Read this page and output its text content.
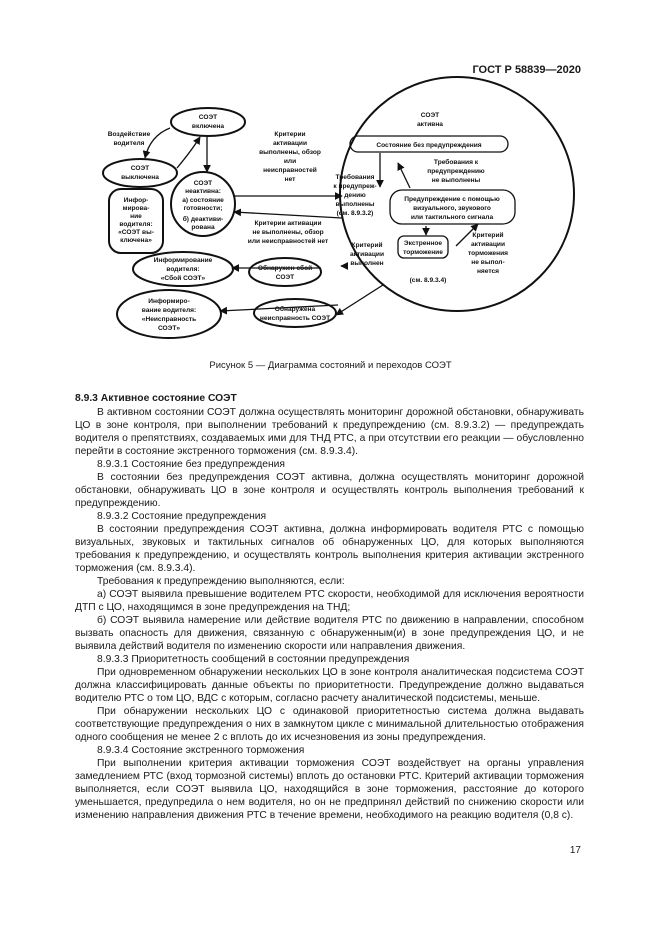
ГОСТ Р 58839—2020
СОЭТ
включена
СОЭТ
выключена
Воздействие
водителя
Критерии
активации
выполнены, обзор
или
неисправностей
нет
Инфор-
мирова-
ние
водителя:
«СОЭТ вы-
ключена»
СОЭТ
неактивна:
а) состояние
готовности;
б) деактиви-
рована
Критерии активации
не выполнены, обзор
или неисправностей нет
СОЭТ
активна
Состояние без предупреждения
Требования к
предупреждению
не выполнены
Требования
к предупреж-
дению
выполнены
(см. 8.9.3.2)
Предупреждение с помощью
визуального, звукового
или тактильного сигнала
Экстренное
торможение
Критерий
активации
выполнен
Критерий
активации
торможения
не выпол-
няется
(см. 8.9.3.4)
Информирование
водителя:
«Сбой СОЭТ»
Обнаружен сбой
СОЭТ
Информиро-
вание водителя:
«Неисправность
СОЭТ»
Обнаружена
неисправность СОЭТ
Рисунок 5 — Диаграмма состояний и переходов СОЭТ
8.9.3 Активное состояние СОЭТ

В активном состоянии СОЭТ должна осуществлять мониторинг дорожной обстановки, обнаруживать ЦО в зоне контроля, при выполнении требований к предупреждению (см. 8.9.3.2) — предупреждать водителя о препятствиях, создаваемых ими для ТНД РТС, а при отсутствии его реакции — обусловленно перейти в состояние экстренного торможения (см. 8.9.3.4).

8.9.3.1 Состояние без предупреждения

В состоянии без предупреждения СОЭТ активна, должна осуществлять мониторинг дорожной обстановки, обнаруживать ЦО в зоне контроля и осуществлять контроль выполнения требований к предупреждению.

8.9.3.2 Состояние предупреждения

В состоянии предупреждения СОЭТ активна, должна информировать водителя РТС с помощью визуальных, звуковых и тактильных сигналов об обнаруженных ЦО, для которых выполняются требования к предупреждению, и осуществлять контроль выполнения критерия активации экстренного торможения (см. 8.9.3.4).

Требования к предупреждению выполняются, если:

а) СОЭТ выявила превышение водителем РТС скорости, необходимой для исключения вероятности ДТП с ЦО, находящимся в зоне предупреждения на ТНД;

б) СОЭТ выявила намерение или действие водителя РТС по движению в направлении, способном вызвать опасность для движения, связанную с обнаруженным(и) в зоне предупреждения ЦО, и не выявила действий водителя по изменению скорости или направления движения.

8.9.3.3 Приоритетность сообщений в состоянии предупреждения

При одновременном обнаружении нескольких ЦО в зоне контроля аналитическая подсистема СОЭТ должна классифицировать данные объекты по приоритетности. Предупреждение должно выдаваться водителю РТС о том ЦО, ВДС с которым, согласно расчету аналитической подсистемы, меньше.

При обнаружении нескольких ЦО с одинаковой приоритетностью система должна выдавать соответствующие предупреждения о них в замкнутом цикле с минимальной длительностью отображения одного сообщения не менее 2 с вплоть до их исчезновения из зоны предупреждения.

8.9.3.4 Состояние экстренного торможения

При выполнении критерия активации торможения СОЭТ воздействует на органы управления замедлением РТС (вход тормозной системы) вплоть до остановки РТС. Критерий активации торможения выполняется, если СОЭТ выявила ЦО, находящийся в зоне торможения, расстояние до которого уменьшается, предупредила о нем водителя, но он не предпринял действий по снижению скорости или изменению направления движения РТС в течение времени, необходимого на реакцию водителя (0,8 с).

17
